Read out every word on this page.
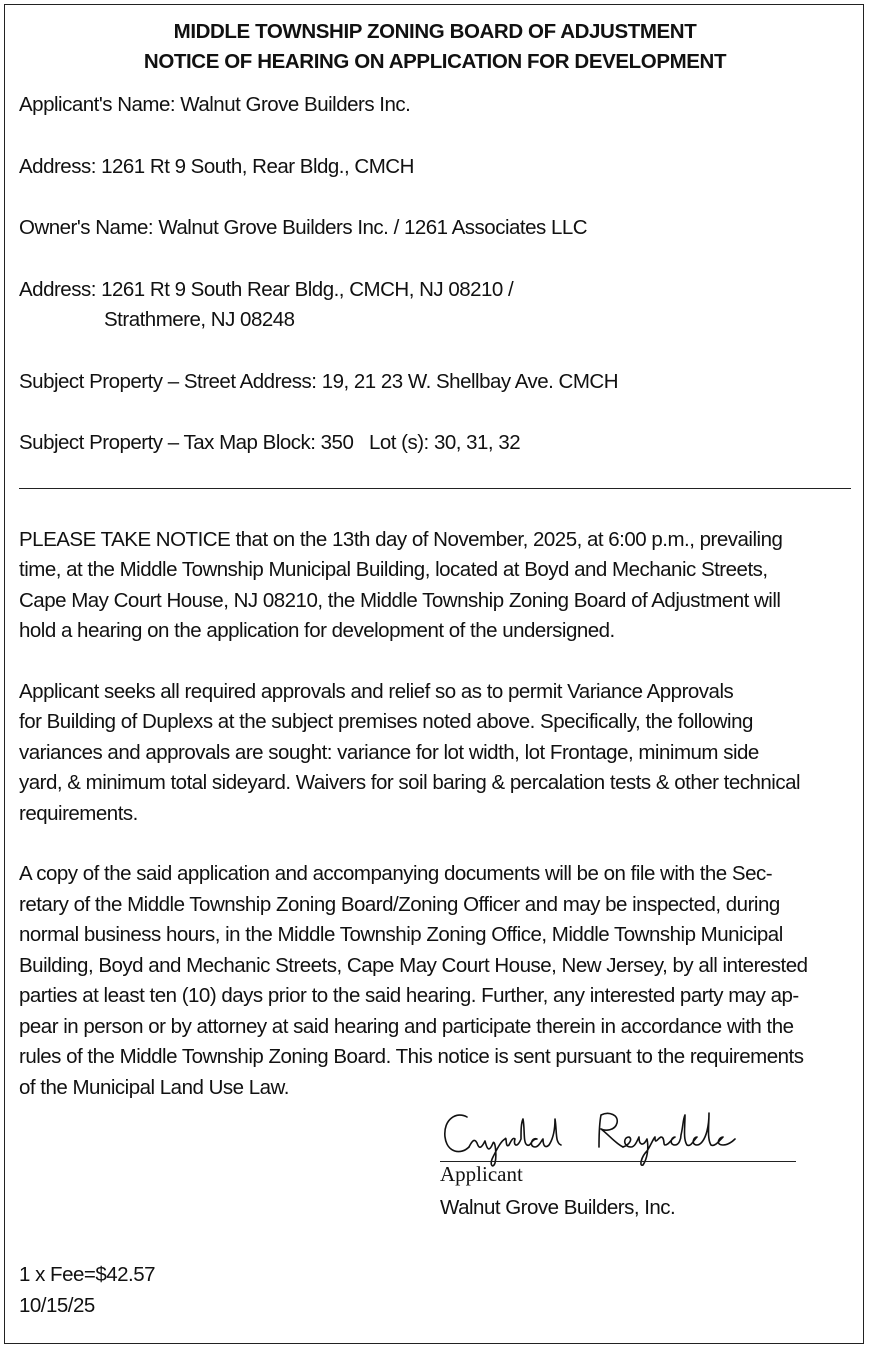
MIDDLE TOWNSHIP ZONING BOARD OF ADJUSTMENT
NOTICE OF HEARING ON APPLICATION FOR DEVELOPMENT
Applicant's Name: Walnut Grove Builders Inc.
Address: 1261 Rt 9 South, Rear Bldg., CMCH
Owner's Name: Walnut Grove Builders Inc. / 1261 Associates LLC
Address: 1261 Rt 9 South Rear Bldg., CMCH, NJ 08210 /
Strathmere, NJ 08248
Subject Property – Street Address: 19, 21 23 W. Shellbay Ave. CMCH
Subject Property – Tax Map Block: 350   Lot (s): 30, 31, 32
PLEASE TAKE NOTICE that on the 13th day of November, 2025, at 6:00 p.m., prevailing
time, at the Middle Township Municipal Building, located at Boyd and Mechanic Streets,
Cape May Court House, NJ 08210, the Middle Township Zoning Board of Adjustment will
hold a hearing on the application for development of the undersigned.
Applicant seeks all required approvals and relief so as to permit Variance Approvals
for Building of Duplexs at the subject premises noted above. Specifically, the following
variances and approvals are sought: variance for lot width, lot Frontage, minimum side
yard, & minimum total sideyard. Waivers for soil baring & percalation tests & other technical
requirements.
A copy of the said application and accompanying documents will be on file with the Sec-
retary of the Middle Township Zoning Board/Zoning Officer and may be inspected, during
normal business hours, in the Middle Township Zoning Office, Middle Township Municipal
Building, Boyd and Mechanic Streets, Cape May Court House, New Jersey, by all interested
parties at least ten (10) days prior to the said hearing. Further, any interested party may ap-
pear in person or by attorney at said hearing and participate therein in accordance with the
rules of the Middle Township Zoning Board. This notice is sent pursuant to the requirements
of the Municipal Land Use Law.
Applicant
Walnut Grove Builders, Inc.
1 x Fee=$42.57
10/15/25
